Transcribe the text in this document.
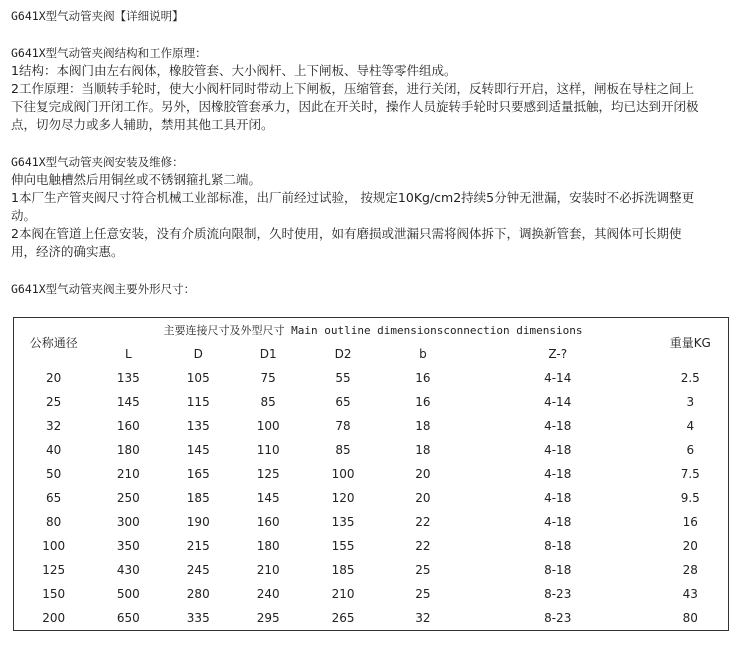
G641X型气动管夹阀【详细说明】
G641X型气动管夹阀结构和工作原理：
1结构：本阀门由左右阀体，橡胶管套、大小阀杆、上下闸板、导柱等零件组成。
2工作原理：当顺转手轮时，使大小阀杆同时带动上下闸板，压缩管套，进行关闭，反转即行开启，这样，闸板在导柱之间上
下往复完成阀门开闭工作。另外，因橡胶管套承力，因此在开关时，操作人员旋转手轮时只要感到适量抵触，均已达到开闭极
点，切勿尽力或多人辅助，禁用其他工具开闭。
G641X型气动管夹阀安装及维修：
伸向电触槽然后用铜丝或不锈钢箍扎紧二端。
1本厂生产管夹阀尺寸符合机械工业部标准，出厂前经过试验， 按规定10Kg/cm2持续5分钟无泄漏，安装时不必拆洗调整更
动。
2本阀在管道上任意安装，没有介质流向限制，久时使用，如有磨损或泄漏只需将阀体拆下，调换新管套，其阀体可长期使
用，经济的确实惠。
G641X型气动管夹阀主要外形尺寸：
公称通径	主要连接尺寸及外型尺寸 Main outline dimensionsconnection dimensions						重量KG
	L	D	D1	D2	b	Z-?	
20	135	105	75	55	16	4-14	2.5
25	145	115	85	65	16	4-14	3
32	160	135	100	78	18	4-18	4
40	180	145	110	85	18	4-18	6
50	210	165	125	100	20	4-18	7.5
65	250	185	145	120	20	4-18	9.5
80	300	190	160	135	22	4-18	16
100	350	215	180	155	22	8-18	20
125	430	245	210	185	25	8-18	28
150	500	280	240	210	25	8-23	43
200	650	335	295	265	32	8-23	80
